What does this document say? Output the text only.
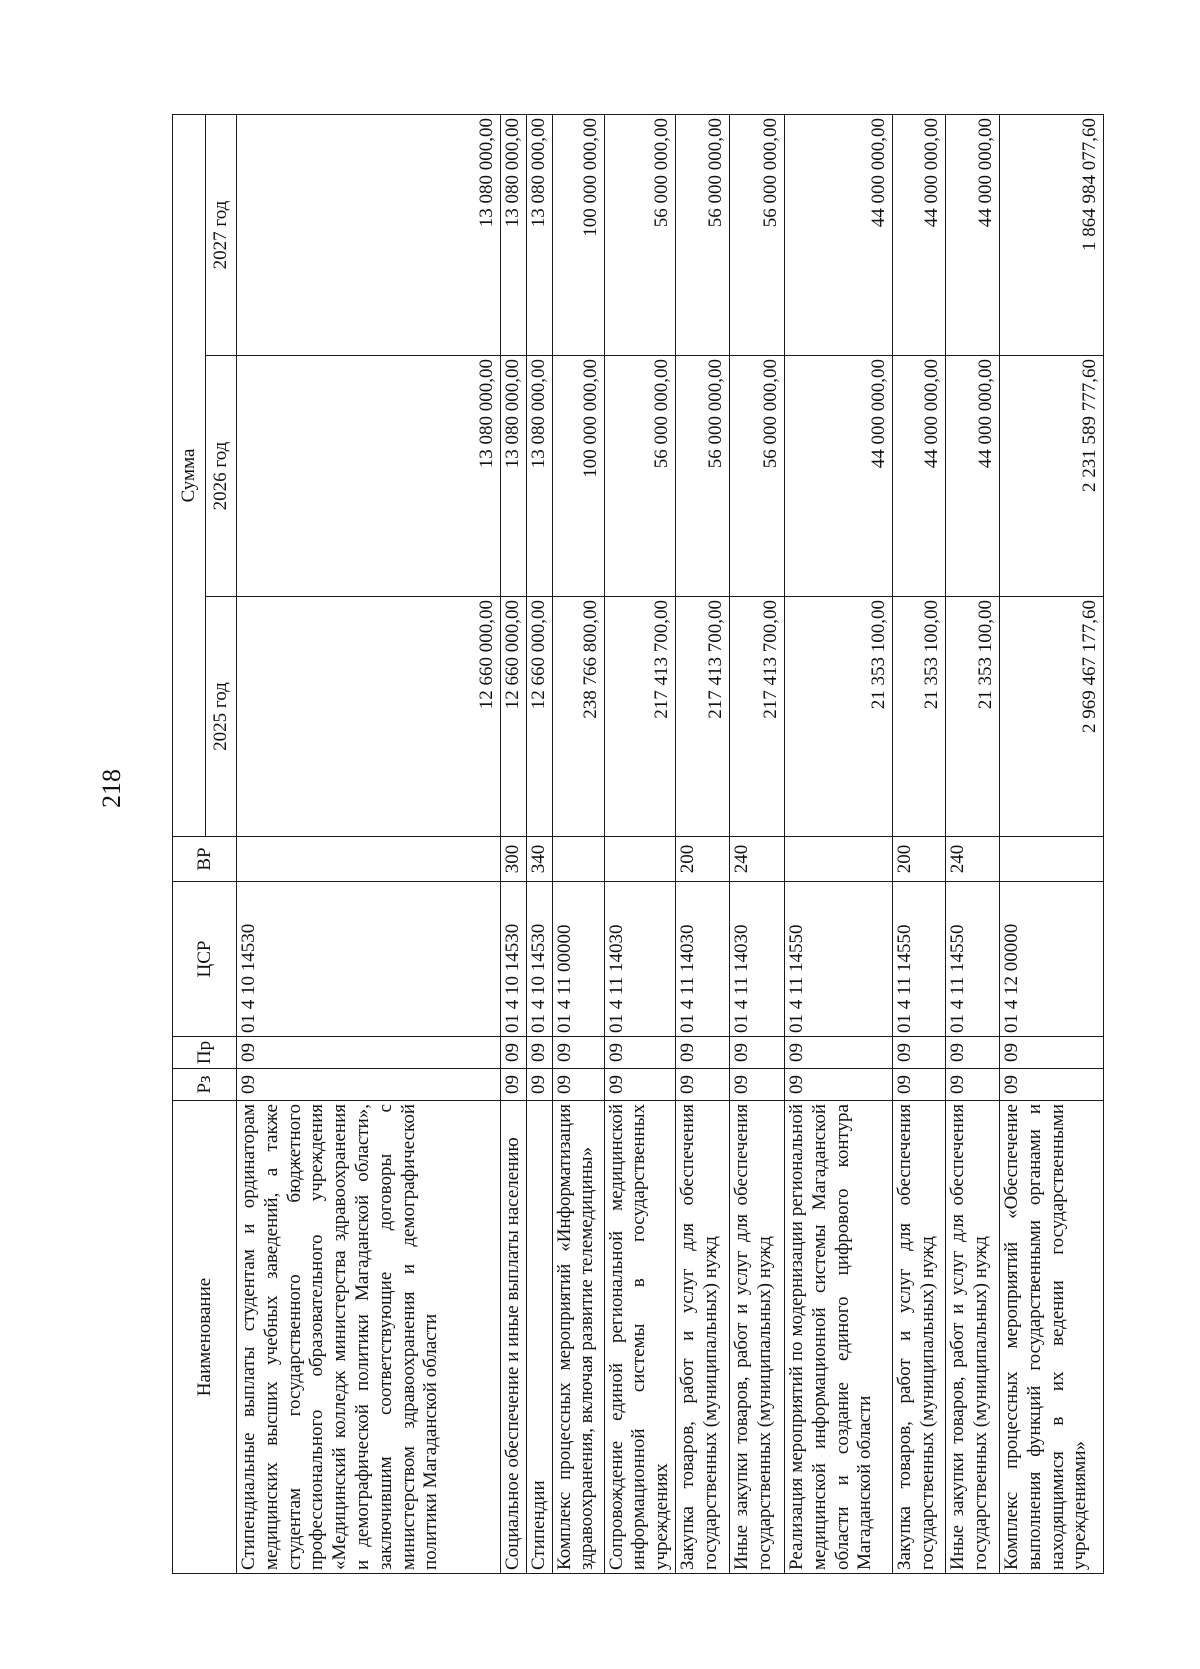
218
Наименование	Рз	Пр	ЦСР	ВР	Сумма		
					2025 год	2026 год	2027 год
Стипендиальные выплаты студентам и ординаторам медицинских высших учебных заведений, а также студентам государственного бюджетного профессионального образовательного учреждения «Медицинский колледж министерства здравоохранения и демографической политики Магаданской области», заключившим соответствующие договоры с министерством здравоохранения и демографической политики Магаданской области	09	09	01 4 10 14530		12 660 000,00	13 080 000,00	13 080 000,00
Социальное обеспечение и иные выплаты населению	09	09	01 4 10 14530	300	12 660 000,00	13 080 000,00	13 080 000,00
Стипендии	09	09	01 4 10 14530	340	12 660 000,00	13 080 000,00	13 080 000,00
Комплекс процессных мероприятий «Информатизация здравоохранения, включая развитие телемедицины»	09	09	01 4 11 00000		238 766 800,00	100 000 000,00	100 000 000,00
Сопровождение единой региональной медицинской информационной системы в государственных учреждениях	09	09	01 4 11 14030		217 413 700,00	56 000 000,00	56 000 000,00
Закупка товаров, работ и услуг для обеспечения государственных (муниципальных) нужд	09	09	01 4 11 14030	200	217 413 700,00	56 000 000,00	56 000 000,00
Иные закупки товаров, работ и услуг для обеспечения государственных (муниципальных) нужд	09	09	01 4 11 14030	240	217 413 700,00	56 000 000,00	56 000 000,00
Реализация мероприятий по модернизации региональной медицинской информационной системы Магаданской области и создание единого цифрового контура Магаданской области	09	09	01 4 11 14550		21 353 100,00	44 000 000,00	44 000 000,00
Закупка товаров, работ и услуг для обеспечения государственных (муниципальных) нужд	09	09	01 4 11 14550	200	21 353 100,00	44 000 000,00	44 000 000,00
Иные закупки товаров, работ и услуг для обеспечения государственных (муниципальных) нужд	09	09	01 4 11 14550	240	21 353 100,00	44 000 000,00	44 000 000,00
Комплекс процессных мероприятий «Обеспечение выполнения функций государственными органами и находящимися в их ведении государственными учреждениями»	09	09	01 4 12 00000		2 969 467 177,60	2 231 589 777,60	1 864 984 077,60
